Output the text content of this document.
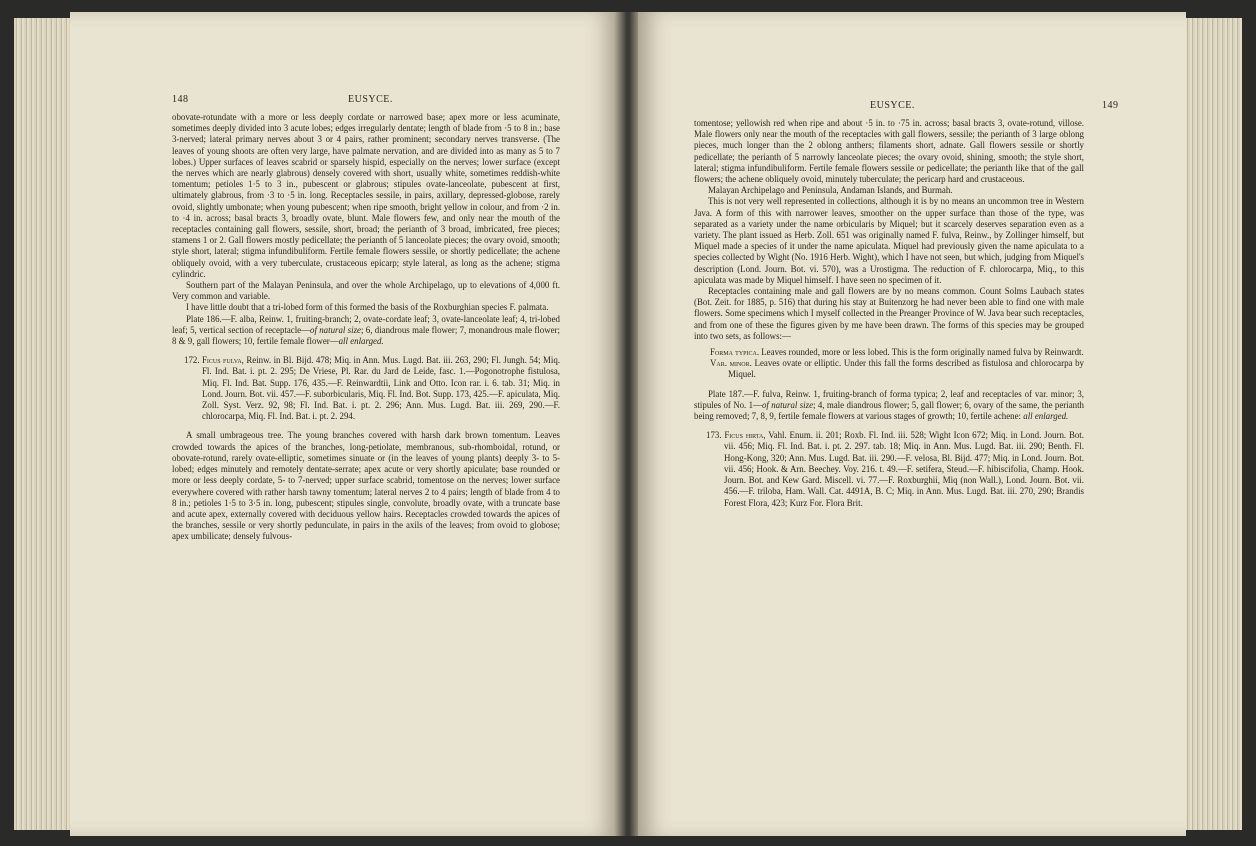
148	EUSYCE.

obovate-rotundate with a more or less deeply cordate or narrowed base; apex more or less acuminate, sometimes deeply divided into 3 acute lobes; edges irregularly dentate; length of blade from ·5 to 8 in.; base 3-nerved; lateral primary nerves about 3 or 4 pairs, rather prominent; secondary nerves transverse. (The leaves of young shoots are often very large, have palmate nervation, and are divided into as many as 5 to 7 lobes.) Upper surfaces of leaves scabrid or sparsely hispid, especially on the nerves; lower surface (except the nerves which are nearly glabrous) densely covered with short, usually white, sometimes reddish-white tomentum; petioles 1·5 to 3 in., pubescent or glabrous; stipules ovate-lanceolate, pubescent at first, ultimately glabrous, from ·3 to ·5 in. long. Receptacles sessile, in pairs, axillary, depressed-globose, rarely ovoid, slightly umbonate; when young pubescent; when ripe smooth, bright yellow in colour, and from ·2 in. to ·4 in. across; basal bracts 3, broadly ovate, blunt. Male flowers few, and only near the mouth of the receptacles containing gall flowers, sessile, short, broad; the perianth of 3 broad, imbricated, free pieces; stamens 1 or 2. Gall flowers mostly pedicellate; the perianth of 5 lanceolate pieces; the ovary ovoid, smooth; style short, lateral; stigma infundibuliform. Fertile female flowers sessile, or shortly pedicellate; the achene obliquely ovoid, with a very tuberculate, crustaceous epicarp; style lateral, as long as the achene; stigma cylindric.

Southern part of the Malayan Peninsula, and over the whole Archipelago, up to elevations of 4,000 ft. Very common and variable.

I have little doubt that a tri-lobed form of this formed the basis of the Roxburghian species F. palmata.

Plate 186.—F. alba, Reinw. 1, fruiting-branch; 2, ovate-cordate leaf; 3, ovate-lanceolate leaf; 4, tri-lobed leaf; 5, vertical section of receptacle—of natural size; 6, diandrous male flower; 7, monandrous male flower; 8 & 9, gall flowers; 10, fertile female flower—all enlarged.

172. Ficus fulva, Reinw. in Bl. Bijd. 478; Miq. in Ann. Mus. Lugd. Bat. iii. 263, 290; Fl. Jungh. 54; Miq. Fl. Ind. Bat. i. pt. 2. 295; De Vriese, Pl. Rar. du Jard de Leide, fasc. 1.—Pogonotrophe fistulosa, Miq. Fl. Ind. Bat. Supp. 176, 435.—F. Reinwardtii, Link and Otto. Icon rar. i. 6. tab. 31; Miq. in Lond. Journ. Bot. vii. 457.—F. suborbicularis, Miq. Fl. Ind. Bot. Supp. 173, 425.—F. apiculata, Miq. Zoll. Syst. Verz. 92, 98; Fl. Ind. Bat. i. pt. 2. 296; Ann. Mus. Lugd. Bat. iii. 269, 290.—F. chlorocarpa, Miq. Fl. Ind. Bat. i. pt. 2. 294.

A small umbrageous tree. The young branches covered with harsh dark brown tomentum. Leaves crowded towards the apices of the branches, long-petiolate, membranous, sub-rhomboidal, rotund, or obovate-rotund, rarely ovate-elliptic, sometimes sinuate or (in the leaves of young plants) deeply 3- to 5-lobed; edges minutely and remotely dentate-serrate; apex acute or very shortly apiculate; base rounded or more or less deeply cordate, 5- to 7-nerved; upper surface scabrid, tomentose on the nerves; lower surface everywhere covered with rather harsh tawny tomentum; lateral nerves 2 to 4 pairs; length of blade from 4 to 8 in.; petioles 1·5 to 3·5 in. long, pubescent; stipules single, convolute, broadly ovate, with a truncate base and acute apex, externally covered with deciduous yellow hairs. Receptacles crowded towards the apices of the branches, sessile or very shortly pedunculate, in pairs in the axils of the leaves; from ovoid to globose; apex umbilicate; densely fulvous-

EUSYCE.	149

tomentose; yellowish red when ripe and about ·5 in. to ·75 in. across; basal bracts 3, ovate-rotund, villose. Male flowers only near the mouth of the receptacles with gall flowers, sessile; the perianth of 3 large oblong pieces, much longer than the 2 oblong anthers; filaments short, adnate. Gall flowers sessile or shortly pedicellate; the perianth of 5 narrowly lanceolate pieces; the ovary ovoid, shining, smooth; the style short, lateral; stigma infundibuliform. Fertile female flowers sessile or pedicellate; the perianth like that of the gall flowers; the achene obliquely ovoid, minutely tuberculate; the pericarp hard and crustaceous.

Malayan Archipelago and Peninsula, Andaman Islands, and Burmah.

This is not very well represented in collections, although it is by no means an uncommon tree in Western Java. A form of this with narrower leaves, smoother on the upper surface than those of the type, was separated as a variety under the name orbicularis by Miquel; but it scarcely deserves separation even as a variety. The plant issued as Herb. Zoll. 651 was originally named F. fulva, Reinw., by Zollinger himself, but Miquel made a species of it under the name apiculata. Miquel had previously given the name apiculata to a species collected by Wight (No. 1916 Herb. Wight), which I have not seen, but which, judging from Miquel's description (Lond. Journ. Bot. vi. 570), was a Urostigma. The reduction of F. chlorocarpa, Miq., to this apiculata was made by Miquel himself. I have seen no specimen of it.

Receptacles containing male and gall flowers are by no means common. Count Solms Laubach states (Bot. Zeit. for 1885, p. 516) that during his stay at Buitenzorg he had never been able to find one with male flowers. Some specimens which I myself collected in the Preanger Province of W. Java bear such receptacles, and from one of these the figures given by me have been drawn. The forms of this species may be grouped into two sets, as follows:—

Forma typica. Leaves rounded, more or less lobed. This is the form originally named fulva by Reinwardt.

Var. minor. Leaves ovate or elliptic. Under this fall the forms described as fistulosa and chlorocarpa by Miquel.

Plate 187.—F. fulva, Reinw. 1, fruiting-branch of forma typica; 2, leaf and receptacles of var. minor; 3, stipules of No. 1—of natural size; 4, male diandrous flower; 5, gall flower; 6, ovary of the same, the perianth being removed; 7, 8, 9, fertile female flowers at various stages of growth; 10, fertile achene: all enlarged.

173. Ficus hirta, Vahl. Enum. ii. 201; Roxb. Fl. Ind. iii. 528; Wight Icon 672; Miq. in Lond. Journ. Bot. vii. 456; Miq. Fl. Ind. Bat. i. pt. 2. 297. tab. 18; Miq. in Ann. Mus. Lugd. Bat. iii. 290; Benth. Fl. Hong-Kong, 320; Ann. Mus. Lugd. Bat. iii. 290.—F. velosa, Bl. Bijd. 477; Miq. in Lond. Journ. Bot. vii. 456; Hook. & Arn. Beechey. Voy. 216. t. 49.—F. setifera, Steud.—F. hibiscifolia, Champ. Hook. Journ. Bot. and Kew Gard. Miscell. vi. 77.—F. Roxburghii, Miq (non Wall.), Lond. Journ. Bot. vii. 456.—F. triloba, Ham. Wall. Cat. 4491A, B. C; Miq. in Ann. Mus. Lugd. Bat. iii. 270, 290; Brandis Forest Flora, 423; Kurz For. Flora Brit.
